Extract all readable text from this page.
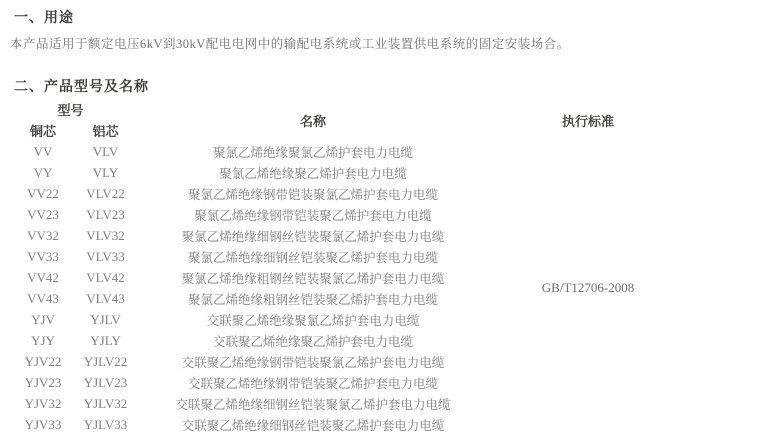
一、用途
本产品适用于额定电压6kV到30kV配电电网中的输配电系统或工业装置供电系统的固定安装场合。
二、产品型号及名称
型号		名称	执行标准	
铜芯	铝芯			
VV	VLV	聚氯乙烯绝缘聚氯乙烯护套电力电缆	GB/T12706-2008	
VY	VLY	聚氯乙烯绝缘聚乙烯护套电力电缆		
VV22	VLV22	聚氯乙烯绝缘钢带铠装聚氯乙烯护套电力电缆		
VV23	VLV23	聚氯乙烯绝缘钢带铠装聚乙烯护套电力电缆		
VV32	VLV32	聚氯乙烯绝缘细钢丝铠装聚氯乙烯护套电力电缆		
VV33	VLV33	聚氯乙烯绝缘细钢丝铠装聚乙烯护套电力电缆		
VV42	VLV42	聚氯乙烯绝缘粗钢丝铠装聚氯乙烯护套电力电缆		
VV43	VLV43	聚氯乙烯绝缘粗钢丝铠装聚乙烯护套电力电缆		
YJV	YJLV	交联聚乙烯绝缘聚氯乙烯护套电力电缆		
YJY	YJLY	交联聚乙烯绝缘聚乙烯护套电力电缆		
YJV22	YJLV22	交联聚乙烯绝缘钢带铠装聚氯乙烯护套电力电缆		
YJV23	YJLV23	交联聚乙烯绝缘钢带铠装聚乙烯护套电力电缆		
YJV32	YJLV32	交联聚乙烯绝缘细钢丝铠装聚氯乙烯护套电力电缆		
YJV33	YJLV33	交联聚乙烯绝缘细钢丝铠装聚乙烯护套电力电缆		
